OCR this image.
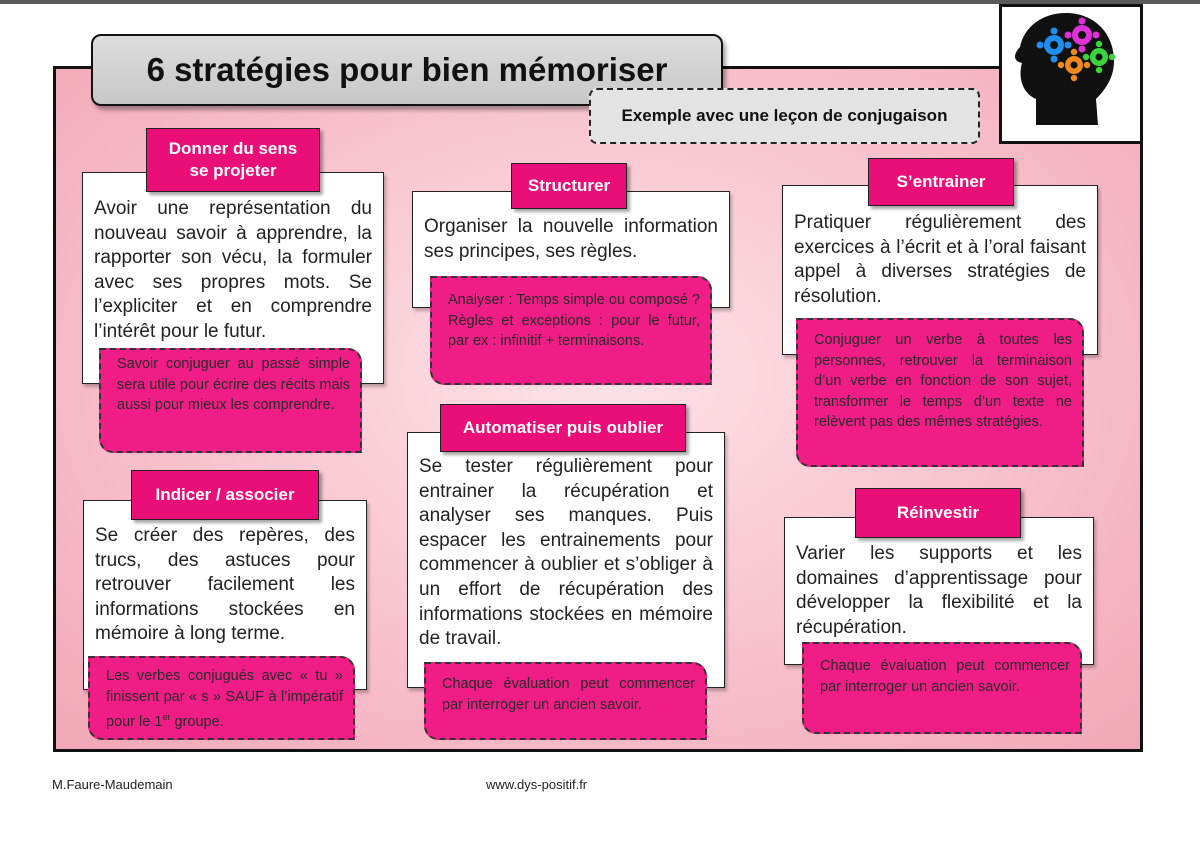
6 stratégies pour bien mémoriser
Exemple avec une leçon de conjugaison
Avoir une représentation du nouveau savoir à apprendre, la rapporter son vécu, la formuler avec ses propres mots. Se l’expliciter et en comprendre l’intérêt pour le futur.
Donner du sens se projeter
Savoir conjuguer au passé simple sera utile pour écrire des récits mais aussi pour mieux les comprendre.
Organiser la nouvelle information ses principes, ses règles.
Structurer
Analyser : Temps simple ou composé ? Règles et exceptions : pour le futur, par ex : infinitif + terminaisons.
Pratiquer régulièrement des exercices à l’écrit et à l’oral faisant appel à diverses stratégies de résolution.
S’entrainer
Conjuguer un verbe à toutes les personnes, retrouver la terminaison d’un verbe en fonction de son sujet, transformer le temps d’un texte ne relèvent pas des mêmes stratégies.
Se créer des repères, des trucs, des astuces pour retrouver facilement les informations stockées en mémoire à long terme.
Indicer / associer
Les verbes conjugués avec « tu » finissent par « s » SAUF à l’impératif pour le 1er groupe.
Se tester régulièrement pour entrainer la récupération et analyser ses manques. Puis espacer les entrainements pour commencer à oublier et s’obliger à un effort de récupération des informations stockées en mémoire de travail.
Automatiser puis oublier
Chaque évaluation peut commencer par interroger un ancien savoir.
Varier les supports et les domaines d’apprentissage pour développer la flexibilité et la récupération.
Réinvestir
Chaque évaluation peut commencer par interroger un ancien savoir.
M.Faure-Maudemain	www.dys-positif.fr
